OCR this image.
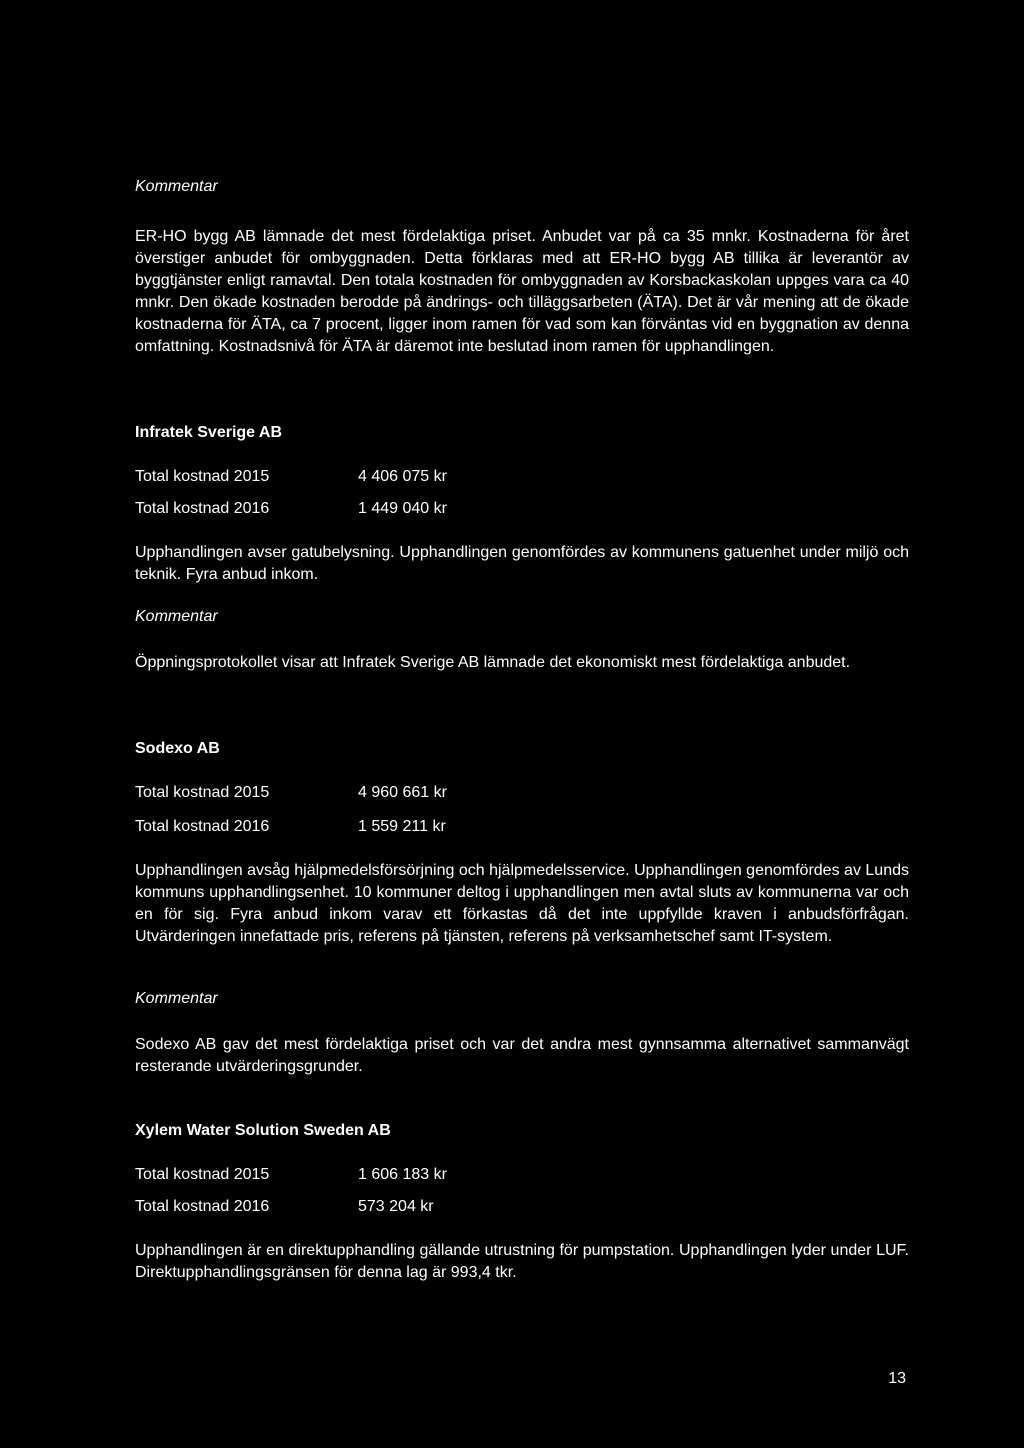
Kommentar

ER-HO bygg AB lämnade det mest fördelaktiga priset. Anbudet var på ca 35 mnkr. Kostnaderna för året överstiger anbudet för ombyggnaden. Detta förklaras med att ER-HO bygg AB tillika är leverantör av byggtjänster enligt ramavtal. Den totala kostnaden för ombyggnaden av Korsbackaskolan uppges vara ca 40 mnkr. Den ökade kostnaden berodde på ändrings- och tilläggsarbeten (ÄTA). Det är vår mening att de ökade kostnaderna för ÄTA, ca 7 procent, ligger inom ramen för vad som kan förväntas vid en byggnation av denna omfattning. Kostnadsnivå för ÄTA är däremot inte beslutad inom ramen för upphandlingen.

Infratek Sverige AB
Total kostnad 2015	4 406 075 kr
Total kostnad 2016	1 449 040 kr

Upphandlingen avser gatubelysning. Upphandlingen genomfördes av kommunens gatuenhet under miljö och teknik. Fyra anbud inkom.

Kommentar

Öppningsprotokollet visar att Infratek Sverige AB lämnade det ekonomiskt mest fördelaktiga anbudet.

Sodexo AB
Total kostnad 2015	4 960 661 kr
Total kostnad 2016	1 559 211 kr

Upphandlingen avsåg hjälpmedelsförsörjning och hjälpmedelsservice. Upphandlingen genomfördes av Lunds kommuns upphandlingsenhet. 10 kommuner deltog i upphandlingen men avtal sluts av kommunerna var och en för sig. Fyra anbud inkom varav ett förkastas då det inte uppfyllde kraven i anbudsförfrågan. Utvärderingen innefattade pris, referens på tjänsten, referens på verksamhetschef samt IT-system.

Kommentar

Sodexo AB gav det mest fördelaktiga priset och var det andra mest gynnsamma alternativet sammanvägt resterande utvärderingsgrunder.

Xylem Water Solution Sweden AB
Total kostnad 2015	1 606 183 kr
Total kostnad 2016	573 204 kr

Upphandlingen är en direktupphandling gällande utrustning för pumpstation. Upphandlingen lyder under LUF. Direktupphandlingsgränsen för denna lag är 993,4 tkr.

13
